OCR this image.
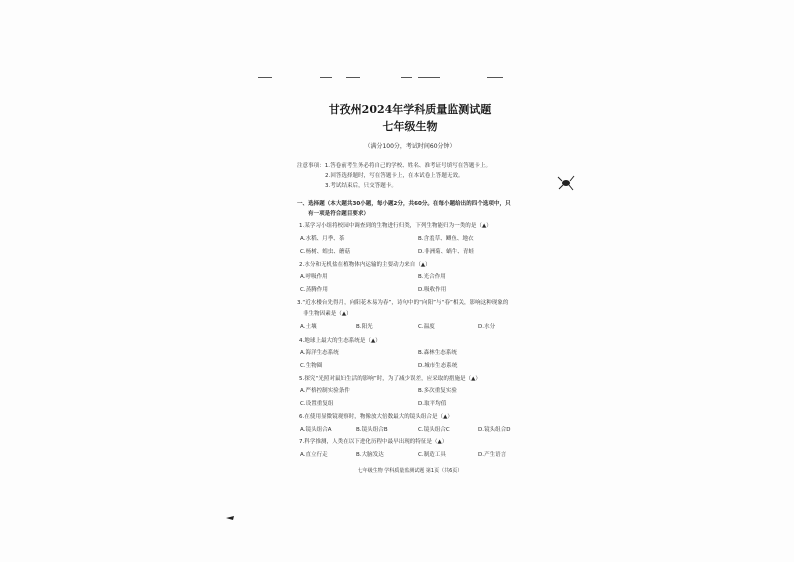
甘孜州2024年学科质量监测试题
七年级生物
（满分100分，考试时间60分钟）
注意事项：1.答卷前考生务必将自己的学校、姓名、准考证号填写在答题卡上。
2.回答选择题时，写在答题卡上，在本试卷上答题无效。
3.考试结束后，只交答题卡。
一、选择题（本大题共30小题，每小题2分，共60分。在每小题给出的四个选项中，只
有一项是符合题目要求）
1.某学习小组将校园中调查到的生物进行归类，下列生物能归为一类的是（▲）
A.水稻、月季、茶	B.含羞草、鲫鱼、地衣
C.杨树、蝗虫、蘑菇	D.非洲菊、蜗牛、青蛙
2.水分和无机盐在植物体内运输的主要动力来自（▲）
A.呼吸作用	B.光合作用
C.蒸腾作用	D.吸收作用
3.“近水楼台先得月，向阳花木易为春”，诗句中的“向阳”与“春”相关，影响这种现象的
非生物因素是（▲）
A.土壤	B.阳光	C.温度	D.水分
4.地球上最大的生态系统是（▲）
A.海洋生态系统	B.森林生态系统
C.生物圈	D.城市生态系统
5.探究“光照对鼠妇生活的影响”时，为了减少误差，应采取的措施是（▲）
A.严格控制实验条件	B.多次重复实验
C.设置重复组	D.取平均值
6.在使用显微镜观察时，物像放大倍数最大的镜头组合是（▲）
A.镜头组合A	B.镜头组合B	C.镜头组合C	D.镜头组合D
7.科学推测，人类在以下进化历程中最早出现的特征是（▲）
A.直立行走	B.大脑发达	C.制造工具	D.产生语言
七年级生物 学科质量监测试题 第1页（共6页）
